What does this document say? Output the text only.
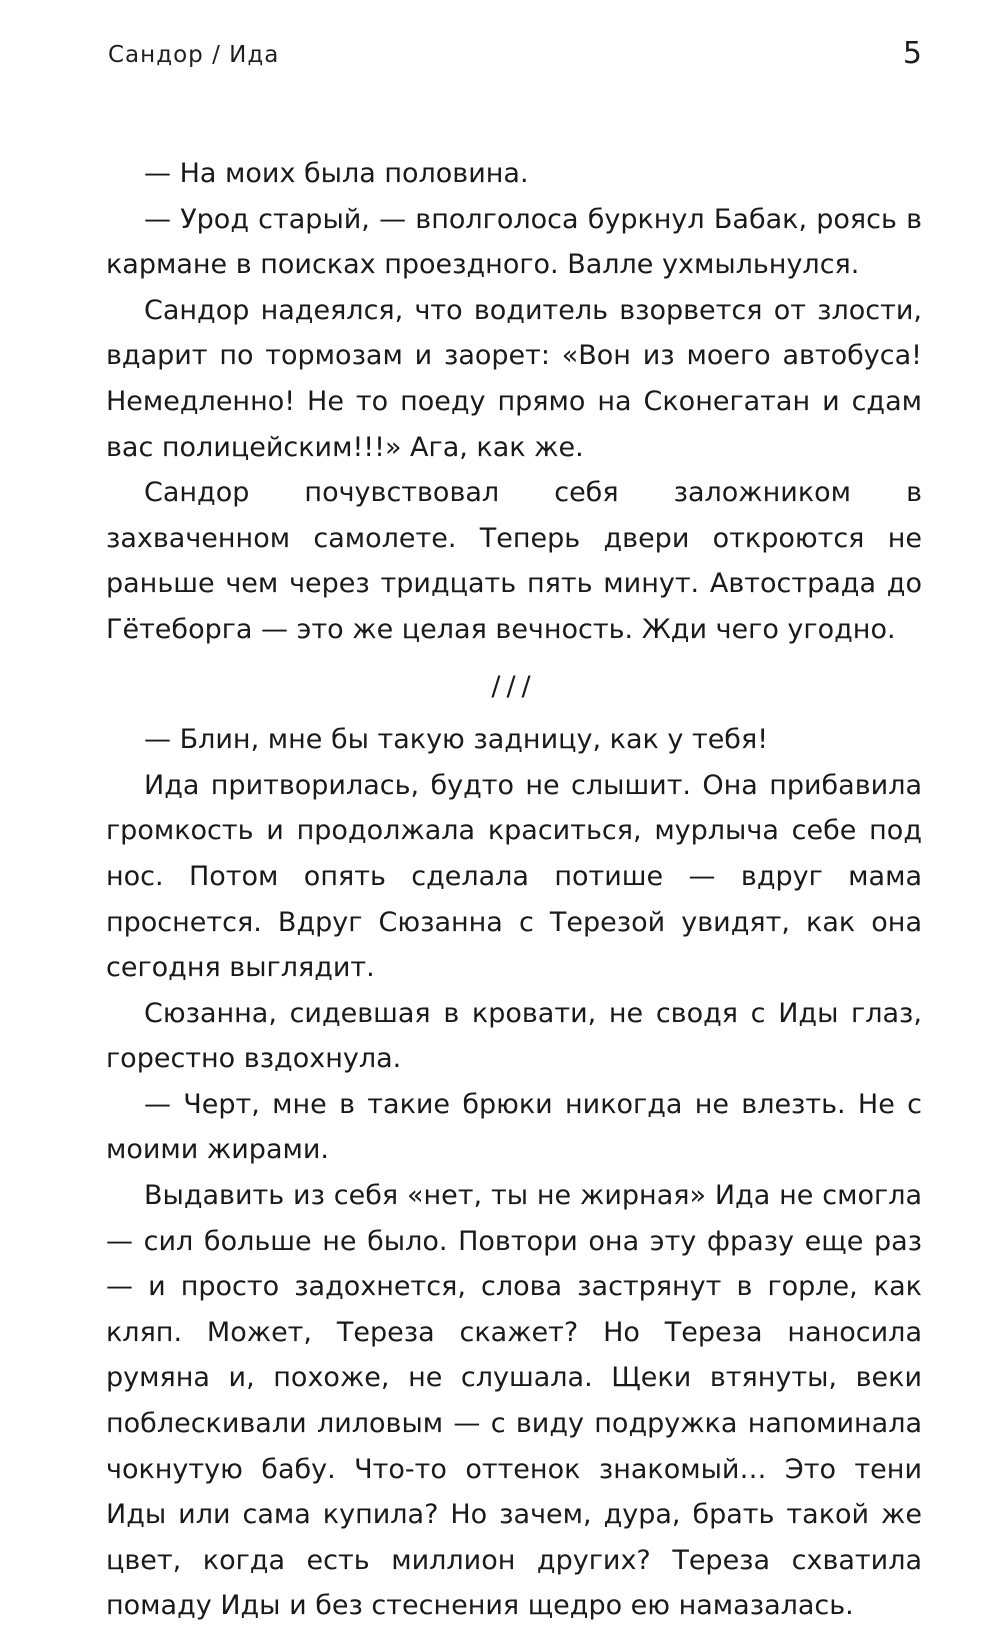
Сандор / Ида	5

— На моих была половина.

— Урод старый, — вполголоса буркнул Бабак, роясь в кармане в поисках проездного. Валле ухмыльнулся.

Сандор надеялся, что водитель взорвется от злости, вдарит по тормозам и заорет: «Вон из моего автобуса! Немедленно! Не то поеду прямо на Сконегатан и сдам вас полицейским!!!» Ага, как же.

Сандор почувствовал себя заложником в захваченном самолете. Теперь двери откроются не раньше чем через тридцать пять минут. Автострада до Гётеборга — это же целая вечность. Жди чего угодно.

///

— Блин, мне бы такую задницу, как у тебя!

Ида притворилась, будто не слышит. Она прибавила громкость и продолжала краситься, мурлыча себе под нос. Потом опять сделала потише — вдруг мама проснется. Вдруг Сюзанна с Терезой увидят, как она сегодня выглядит.

Сюзанна, сидевшая в кровати, не сводя с Иды глаз, горестно вздохнула.

— Черт, мне в такие брюки никогда не влезть. Не с моими жирами.

Выдавить из себя «нет, ты не жирная» Ида не смогла — сил больше не было. Повтори она эту фразу еще раз — и просто задохнется, слова застрянут в горле, как кляп. Может, Тереза скажет? Но Тереза наносила румяна и, похоже, не слушала. Щеки втянуты, веки поблескивали лиловым — с виду подружка напоминала чокнутую бабу. Что-то оттенок знакомый… Это тени Иды или сама купила? Но зачем, дура, брать такой же цвет, когда есть миллион других? Тереза схватила помаду Иды и без стеснения щедро ею намазалась.
